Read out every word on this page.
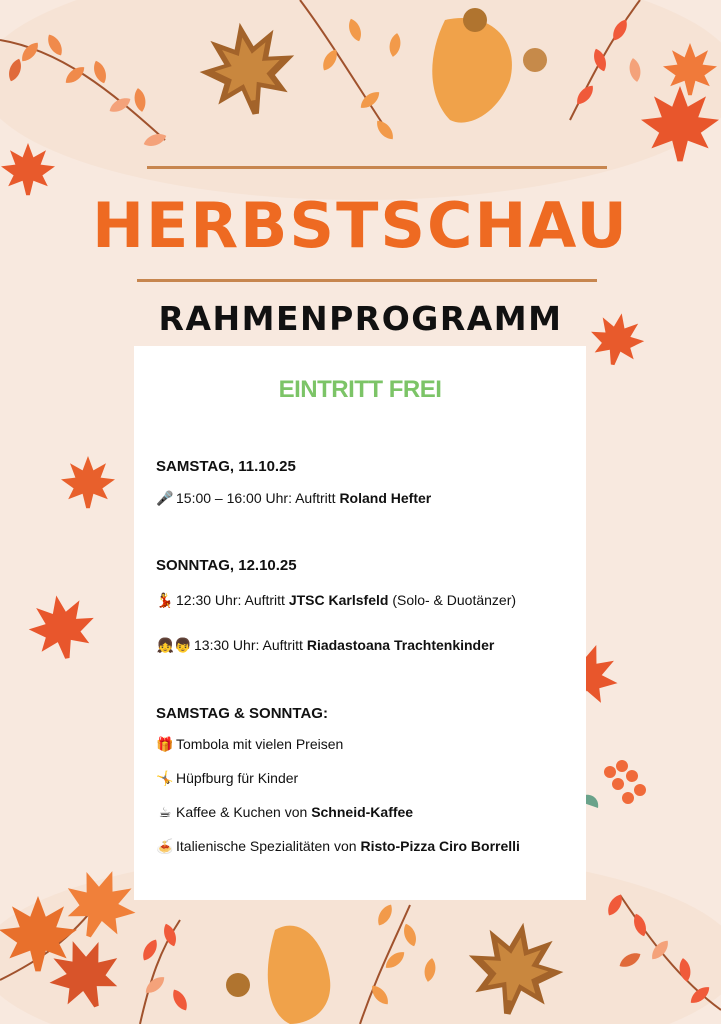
HERBSTSCHAU
RAHMENPROGRAMM
EINTRITT FREI
SAMSTAG, 11.10.25
🎤 15:00 – 16:00 Uhr: Auftritt Roland Hefter
SONNTAG, 12.10.25
💃 12:30 Uhr: Auftritt JTSC Karlsfeld (Solo- & Duotänzer)
👧👦 13:30 Uhr: Auftritt Riadastoana Trachtenkinder
SAMSTAG & SONNTAG:
🎁 Tombola mit vielen Preisen
🤸 Hüpfburg für Kinder
☕ Kaffee & Kuchen von Schneid-Kaffee
🍝 Italienische Spezialitäten von Risto-Pizza Ciro Borrelli
